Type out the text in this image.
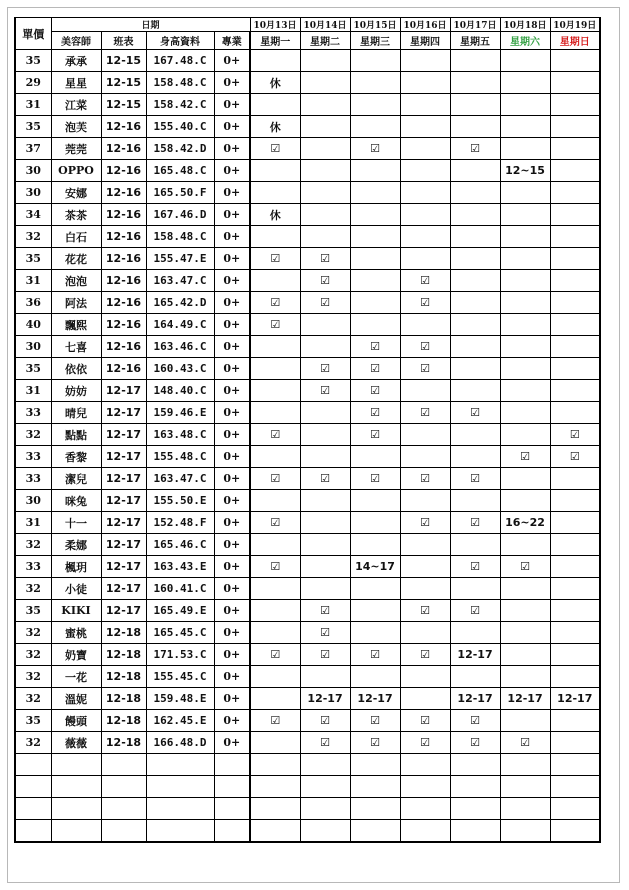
單價	日期				10月13日	10月14日	10月15日	10月16日	10月17日	10月18日	10月19日
	美容師	班表	身高資料	專業	星期一	星期二	星期三	星期四	星期五	星期六	星期日
35	承承	12-15	167.48.C	0+							
29	星星	12-15	158.48.C	0+	休						
31	江菜	12-15	158.42.C	0+							
35	泡芙	12-16	155.40.C	0+	休						
37	莞莞	12-16	158.42.D	0+	☑		☑		☑		
30	OPPO	12-16	165.48.C	0+						12~15	
30	安娜	12-16	165.50.F	0+							
34	茶茶	12-16	167.46.D	0+	休						
32	白石	12-16	158.48.C	0+							
35	花花	12-16	155.47.E	0+	☑	☑					
31	泡泡	12-16	163.47.C	0+		☑		☑			
36	阿法	12-16	165.42.D	0+	☑	☑		☑			
40	飄熙	12-16	164.49.C	0+	☑						
30	七喜	12-16	163.46.C	0+			☑	☑			
35	依依	12-16	160.43.C	0+		☑	☑	☑			
31	妨妨	12-17	148.40.C	0+		☑	☑				
33	晴兒	12-17	159.46.E	0+			☑	☑	☑		
32	點點	12-17	163.48.C	0+	☑		☑				☑
33	香黎	12-17	155.48.C	0+						☑	☑
33	潔兒	12-17	163.47.C	0+	☑	☑	☑	☑	☑		
30	咪兔	12-17	155.50.E	0+							
31	十一	12-17	152.48.F	0+	☑			☑	☑	16~22	
32	柔娜	12-17	165.46.C	0+							
33	楓玥	12-17	163.43.E	0+	☑		14~17		☑	☑	
32	小徒	12-17	160.41.C	0+							
35	KIKI	12-17	165.49.E	0+		☑		☑	☑		
32	蜜桃	12-18	165.45.C	0+		☑					
32	奶寶	12-18	171.53.C	0+	☑	☑	☑	☑	12-17		
32	一花	12-18	155.45.C	0+							
32	溫妮	12-18	159.48.E	0+		12-17	12-17		12-17	12-17	12-17
35	饅頭	12-18	162.45.E	0+	☑	☑	☑	☑	☑		
32	薇薇	12-18	166.48.D	0+		☑	☑	☑	☑	☑	
